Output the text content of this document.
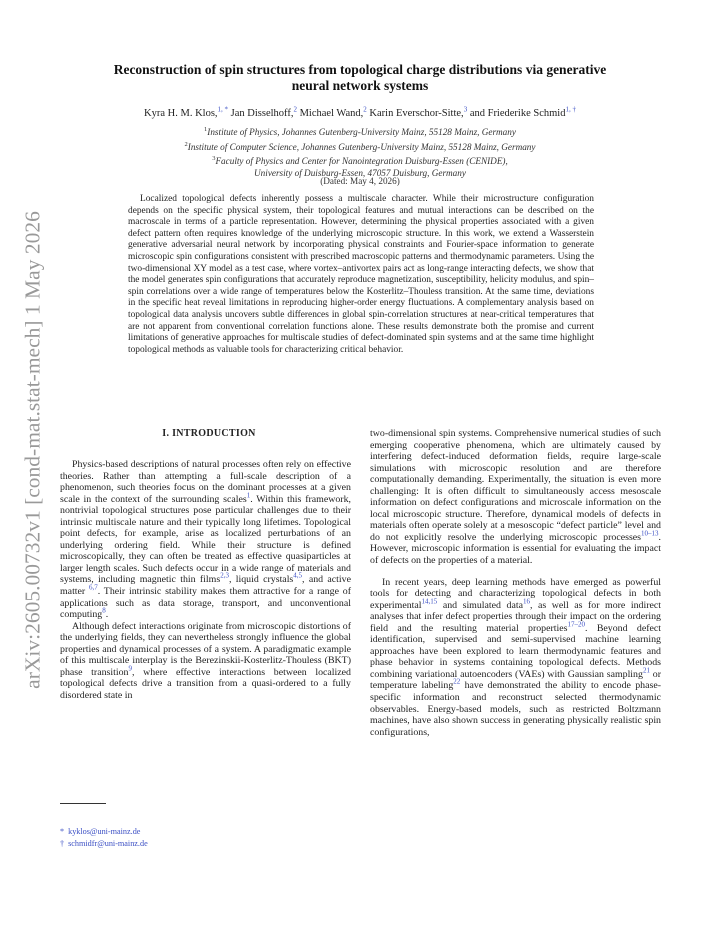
arXiv:2605.00732v1 [cond-mat.stat-mech] 1 May 2026
Reconstruction of spin structures from topological charge distributions via generative
neural network systems
Kyra H. M. Klos,$^{1, *}$ Jan Disselhoff,$^2$ Michael Wand,$^2$ Karin Everschor-Sitte,$^3$ and Friederike Schmid$^{1, \dagger}$
$^1$Institute of Physics, Johannes Gutenberg-University Mainz, 55128 Mainz, Germany
$^2$Institute of Computer Science, Johannes Gutenberg-University Mainz, 55128 Mainz, Germany
$^3$Faculty of Physics and Center for Nanointegration Duisburg-Essen (CENIDE),
University of Duisburg-Essen, 47057 Duisburg, Germany
(Dated: May 4, 2026)
Localized topological defects inherently possess a multiscale character. While their microstructure configuration depends on the specific physical system, their topological features and mutual interactions can be described on the macroscale in terms of a particle representation. However, determining the physical properties associated with a given defect pattern often requires knowledge of the underlying microscopic structure. In this work, we extend a Wasserstein generative adversarial neural network by incorporating physical constraints and Fourier-space information to generate microscopic spin configurations consistent with prescribed macroscopic patterns and thermodynamic parameters. Using the two-dimensional XY model as a test case, where vortex–antivortex pairs act as long-range interacting defects, we show that the model generates spin configurations that accurately reproduce magnetization, susceptibility, helicity modulus, and spin–spin correlations over a wide range of temperatures below the Kosterlitz–Thouless transition. At the same time, deviations in the specific heat reveal limitations in reproducing higher-order energy fluctuations. A complementary analysis based on topological data analysis uncovers subtle differences in global spin-correlation structures at near-critical temperatures that are not apparent from conventional correlation functions alone. These results demonstrate both the promise and current limitations of generative approaches for multiscale studies of defect-dominated spin systems and at the same time highlight topological methods as valuable tools for characterizing critical behavior.
I. INTRODUCTION

Physics-based descriptions of natural processes often rely on effective theories. Rather than attempting a full-scale description of a phenomenon, such theories focus on the dominant processes at a given scale in the context of the surrounding scales$^1$. Within this framework, nontrivial topological structures pose particular challenges due to their intrinsic multiscale nature and their typically long lifetimes. Topological point defects, for example, arise as localized perturbations of an underlying ordering field. While their structure is defined microscopically, they can often be treated as effective quasiparticles at larger length scales. Such defects occur in a wide range of materials and systems, including magnetic thin films$^{2,3}$, liquid crystals$^{4,5}$, and active matter $^{6,7}$. Their intrinsic stability makes them attractive for a range of applications such as data storage, transport, and unconventional computing$^8$.

Although defect interactions originate from microscopic distortions of the underlying fields, they can nevertheless strongly influence the global properties and dynamical processes of a system. A paradigmatic example of this multiscale interplay is the Berezinskii-Kosterlitz-Thouless (BKT) phase transition$^9$, where effective interactions between localized topological defects drive a transition from a quasi-ordered to a fully disordered state in

two-dimensional spin systems. Comprehensive numerical studies of such emerging cooperative phenomena, which are ultimately caused by interfering defect-induced deformation fields, require large-scale simulations with microscopic resolution and are therefore computationally demanding. Experimentally, the situation is even more challenging: It is often difficult to simultaneously access mesoscale information on defect configurations and microscale information on the local microscopic structure. Therefore, dynamical models of defects in materials often operate solely at a mesoscopic “defect particle” level and do not explicitly resolve the underlying microscopic processes$^{10-13}$. However, microscopic information is essential for evaluating the impact of defects on the properties of a material.

In recent years, deep learning methods have emerged as powerful tools for detecting and characterizing topological defects in both experimental$^{14,15}$ and simulated data$^{16}$, as well as for more indirect analyses that infer defect properties through their impact on the ordering field and the resulting material properties$^{17-20}$. Beyond defect identification, supervised and semi-supervised machine learning approaches have been explored to learn thermodynamic features and phase behavior in systems containing topological defects. Methods combining variational autoencoders (VAEs) with Gaussian sampling$^{21}$ or temperature labeling$^{22}$ have demonstrated the ability to encode phase-specific information and reconstruct selected thermodynamic observables. Energy-based models, such as restricted Boltzmann machines, have also shown success in generating physically realistic spin configurations,

* kyklos@uni-mainz.de
† schmidfr@uni-mainz.de
